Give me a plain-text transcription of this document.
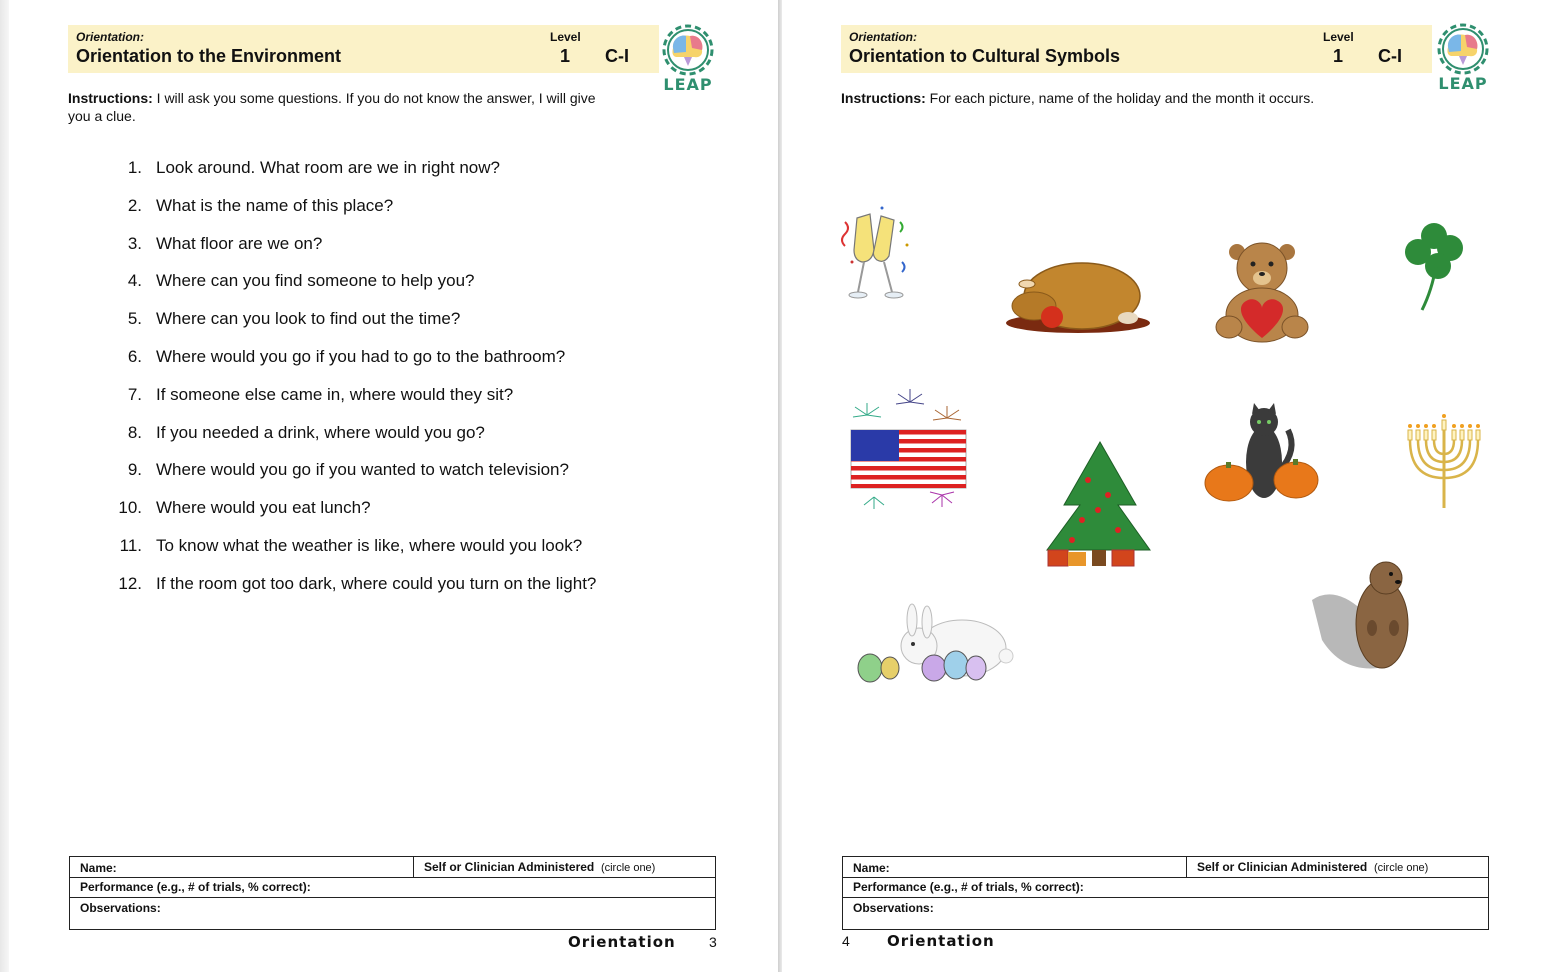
Orientation:
Orientation to the Environment
Level
1 C-I
LEAP
Instructions: I will ask you some questions. If you do not know the answer, I will give you a clue.
1. Look around. What room are we in right now?
2. What is the name of this place?
3. What floor are we on?
4. Where can you find someone to help you?
5. Where can you look to find out the time?
6. Where would you go if you had to go to the bathroom?
7. If someone else came in, where would they sit?
8. If you needed a drink, where would you go?
9. Where would you go if you wanted to watch television?
10. Where would you eat lunch?
11. To know what the weather is like, where would you look?
12. If the room got too dark, where could you turn on the light?
Name:	Self or Clinician Administered (circle one)
Performance (e.g., # of trials, % correct):
Observations:
Orientation 3
Orientation:
Orientation to Cultural Symbols
Level
1 C-I
LEAP
Instructions: For each picture, name of the holiday and the month it occurs.
Name:	Self or Clinician Administered (circle one)
Performance (e.g., # of trials, % correct):
Observations:
4 Orientation
